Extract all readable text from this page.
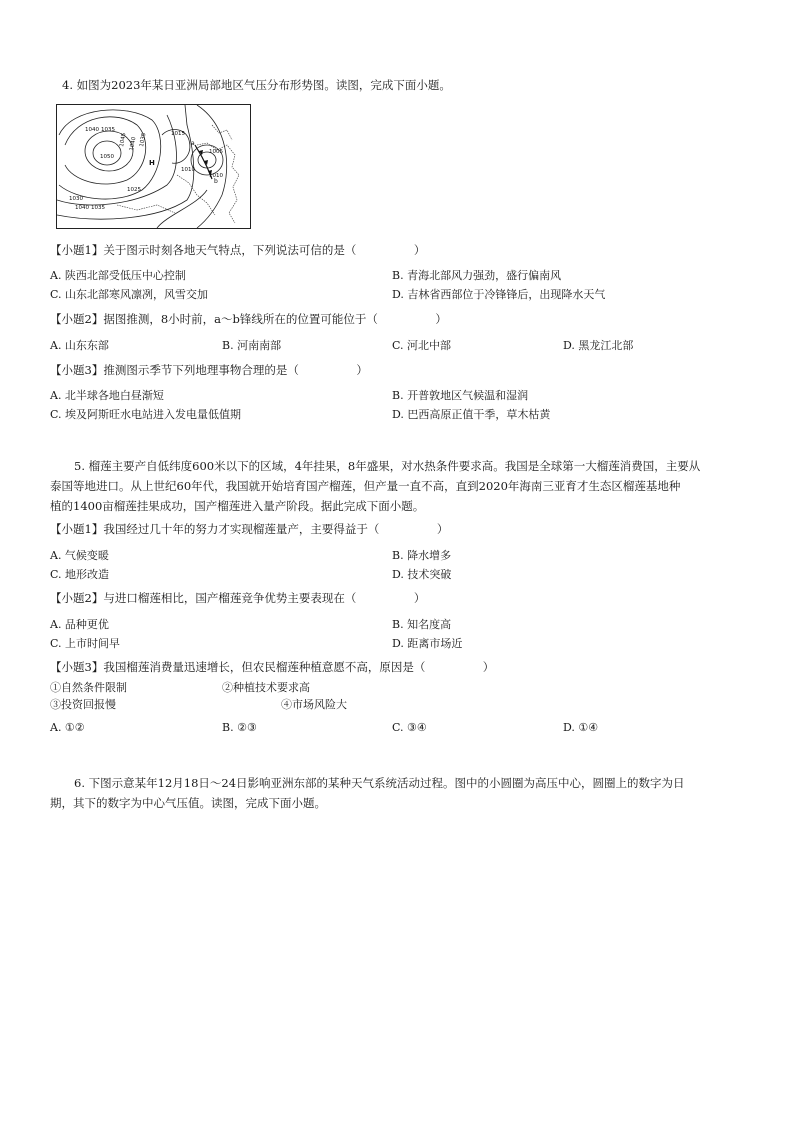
4. 如图为2023年某日亚洲局部地区气压分布形势图。读图，完成下面小题。
1040 1035
1050
1045 1040 1035
1030
1015
1005
1010
1010
1025
1040 1035
H
a
b
【小题1】关于图示时刻各地天气特点，下列说法可信的是（　　　　　）
A. 陕西北部受低压中心控制	B. 青海北部风力强劲，盛行偏南风
C. 山东北部寒风凛冽，风雪交加	D. 吉林省西部位于冷锋锋后，出现降水天气
【小题2】据图推测，8小时前，a～b锋线所在的位置可能位于（　　　　　）
A. 山东东部	B. 河南南部	C. 河北中部	D. 黑龙江北部
【小题3】推测图示季节下列地理事物合理的是（　　　　　）
A. 北半球各地白昼渐短	B. 开普敦地区气候温和湿润
C. 埃及阿斯旺水电站进入发电量低值期	D. 巴西高原正值干季，草木枯黄
5. 榴莲主要产自低纬度600米以下的区域，4年挂果，8年盛果，对水热条件要求高。我国是全球第一大榴莲消费国，主要从
泰国等地进口。从上世纪60年代，我国就开始培育国产榴莲，但产量一直不高，直到2020年海南三亚育才生态区榴莲基地种
植的1400亩榴莲挂果成功，国产榴莲进入量产阶段。据此完成下面小题。
【小题1】我国经过几十年的努力才实现榴莲量产，主要得益于（　　　　　）
A. 气候变暖	B. 降水增多
C. 地形改造	D. 技术突破
【小题2】与进口榴莲相比，国产榴莲竞争优势主要表现在（　　　　　）
A. 品种更优	B. 知名度高
C. 上市时间早	D. 距离市场近
【小题3】我国榴莲消费量迅速增长，但农民榴莲种植意愿不高，原因是（　　　　　）
①自然条件限制	②种植技术要求高
③投资回报慢	④市场风险大
A. ①②	B. ②③	C. ③④	D. ①④
6. 下图示意某年12月18日～24日影响亚洲东部的某种天气系统活动过程。图中的小圆圈为高压中心，圆圈上的数字为日
期，其下的数字为中心气压值。读图，完成下面小题。
